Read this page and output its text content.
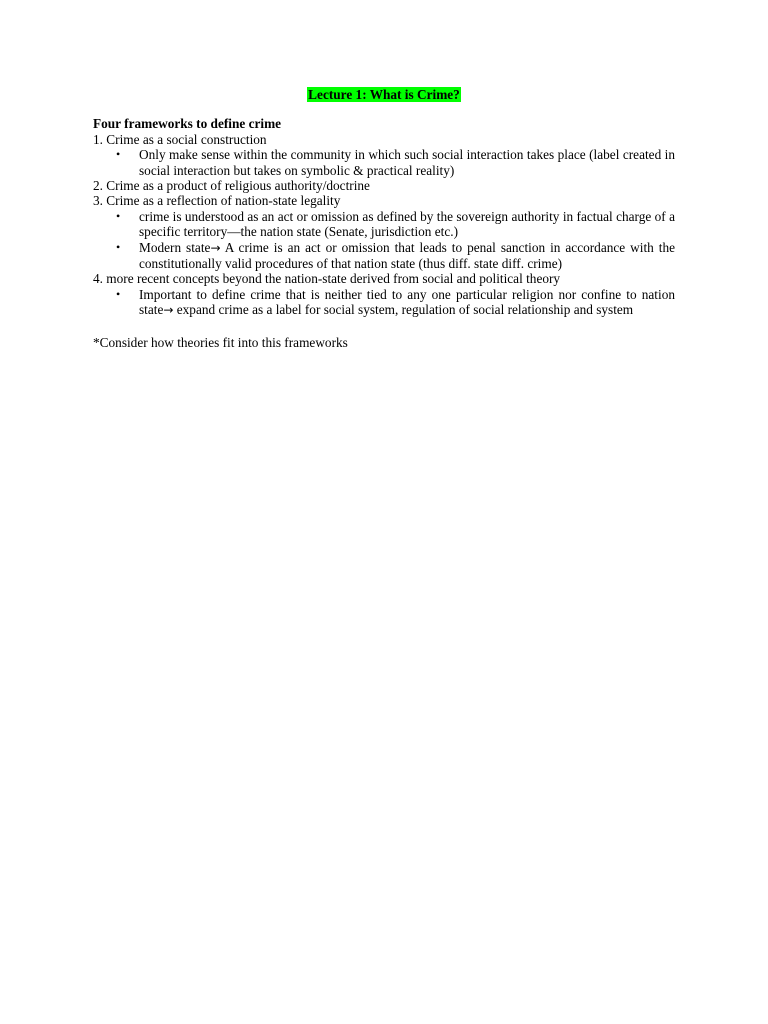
Lecture 1: What is Crime?
Four frameworks to define crime
1. Crime as a social construction
• Only make sense within the community in which such social interaction takes place (label created in social interaction but takes on symbolic & practical reality)
2. Crime as a product of religious authority/doctrine
3. Crime as a reflection of nation-state legality
• crime is understood as an act or omission as defined by the sovereign authority in factual charge of a specific territory—the nation state (Senate, jurisdiction etc.)
• Modern state→ A crime is an act or omission that leads to penal sanction in accordance with the constitutionally valid procedures of that nation state (thus diff. state diff. crime)
4. more recent concepts beyond the nation-state derived from social and political theory
• Important to define crime that is neither tied to any one particular religion nor confine to nation state→ expand crime as a label for social system, regulation of social relationship and system
*Consider how theories fit into this frameworks
